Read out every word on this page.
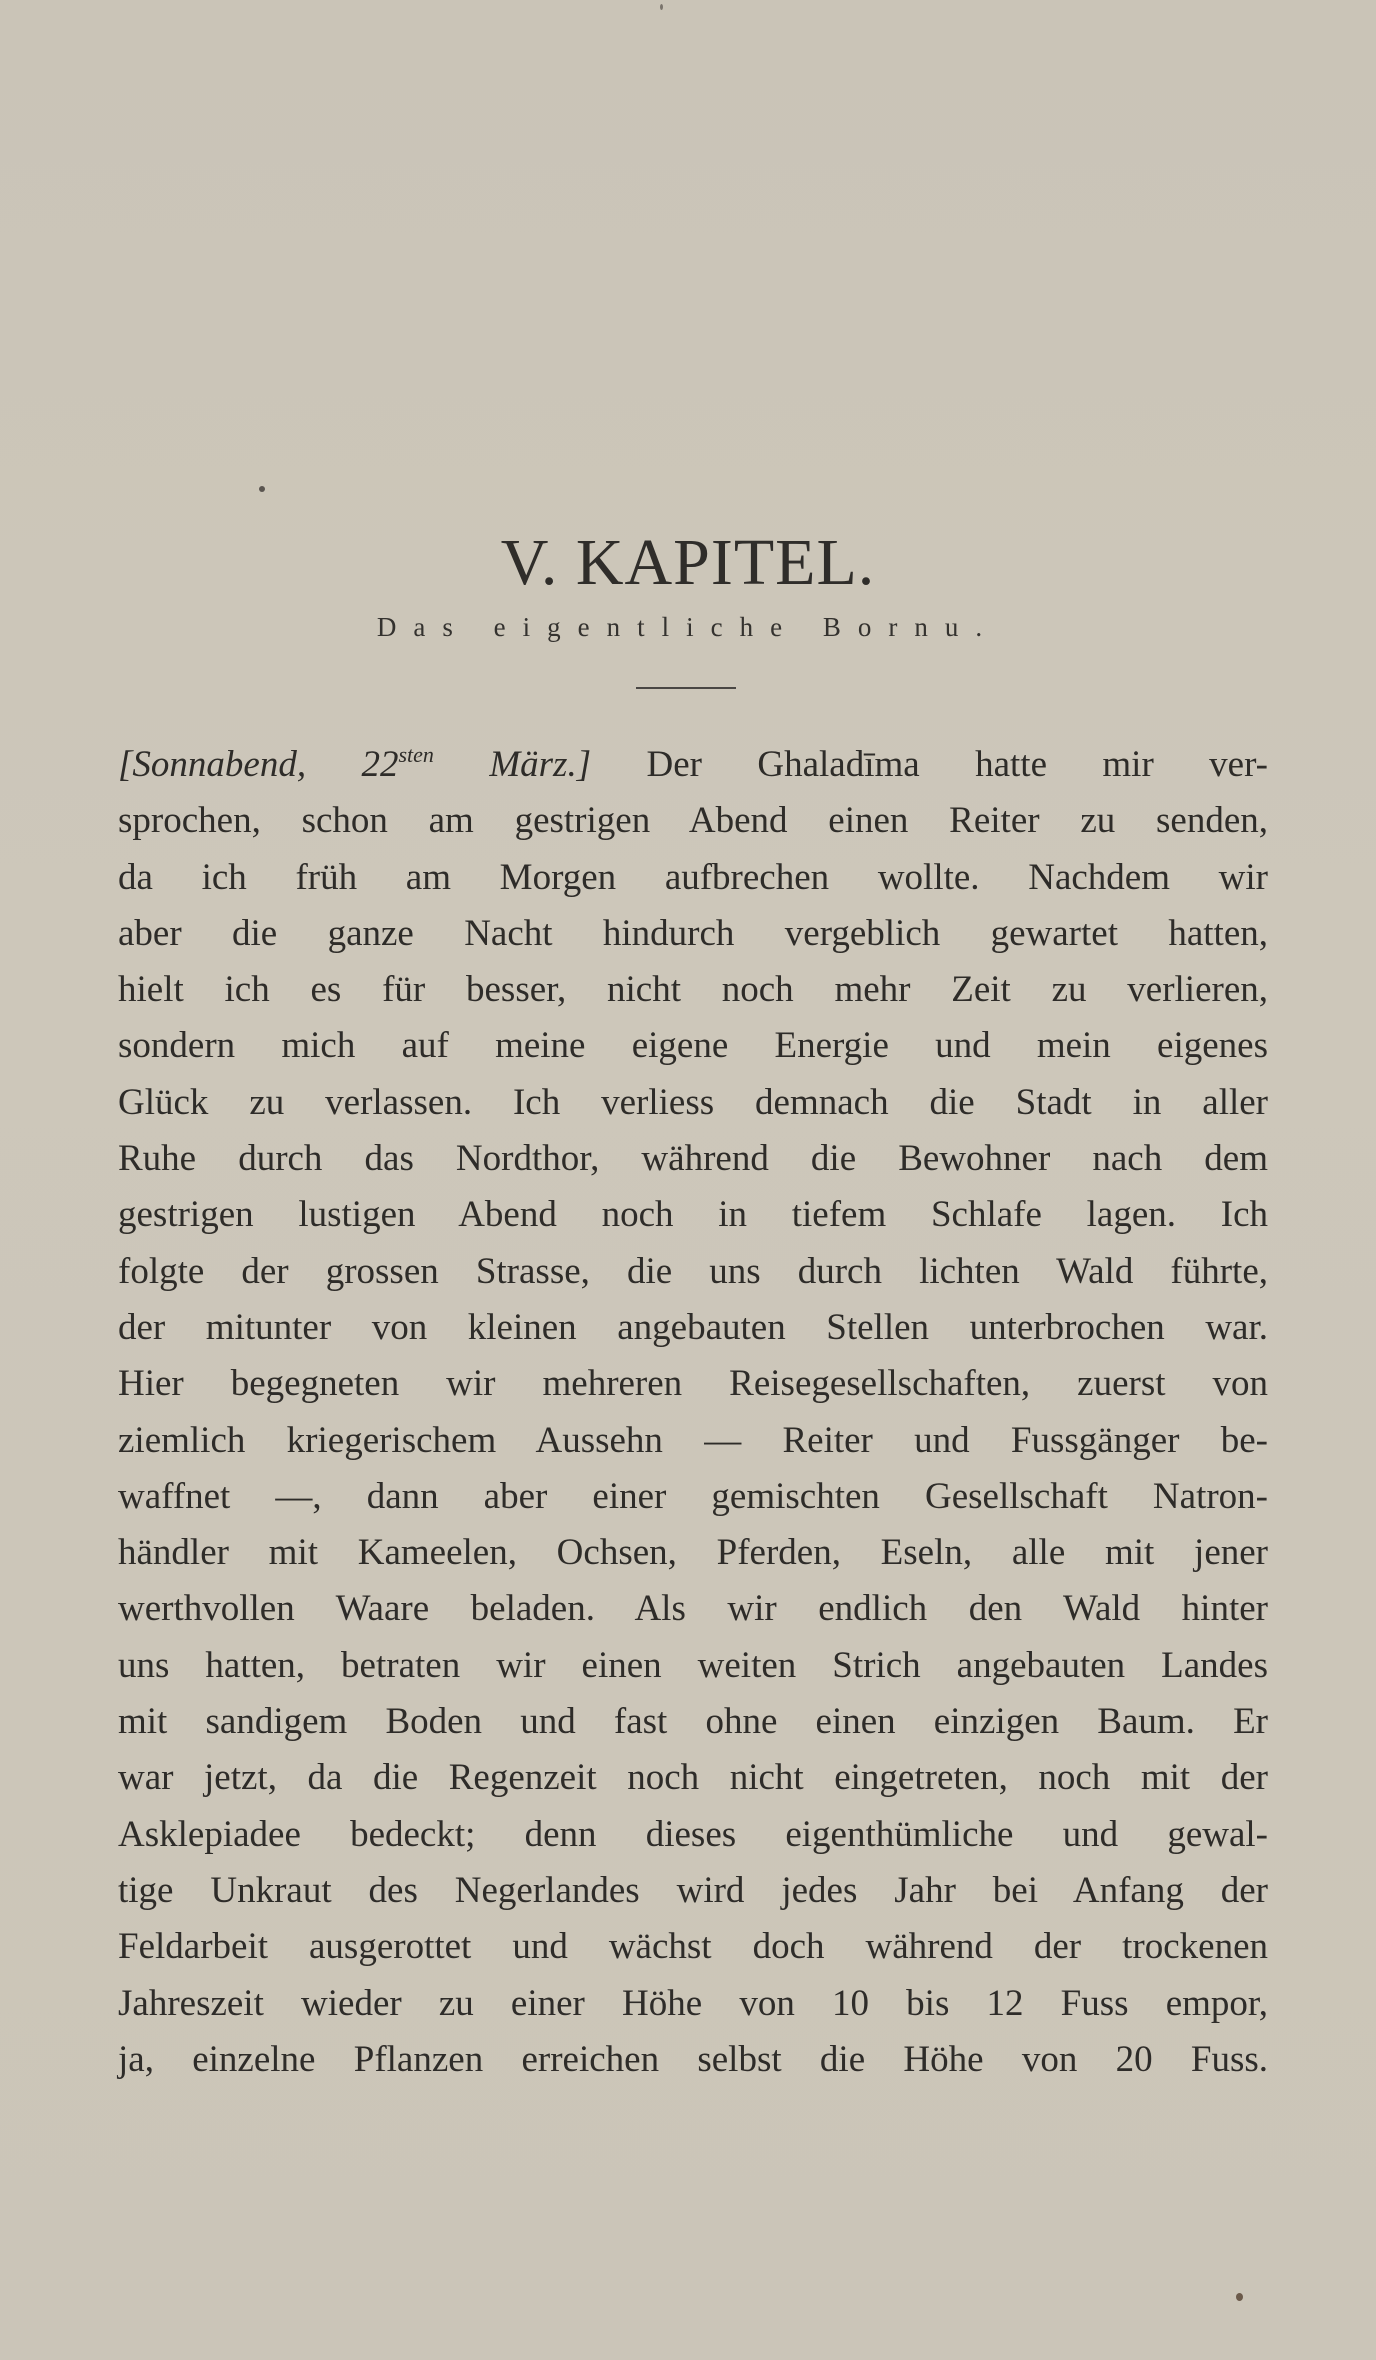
V. KAPITEL.
Das eigentliche Bornu.
[Sonnabend, $22^{sten}$ März.] Der Ghaladīma hatte mir ver-
sprochen, schon am gestrigen Abend einen Reiter zu senden,
da ich früh am Morgen aufbrechen wollte. Nachdem wir
aber die ganze Nacht hindurch vergeblich gewartet hatten,
hielt ich es für besser, nicht noch mehr Zeit zu verlieren,
sondern mich auf meine eigene Energie und mein eigenes
Glück zu verlassen. Ich verliess demnach die Stadt in aller
Ruhe durch das Nordthor, während die Bewohner nach dem
gestrigen lustigen Abend noch in tiefem Schlafe lagen. Ich
folgte der grossen Strasse, die uns durch lichten Wald führte,
der mitunter von kleinen angebauten Stellen unterbrochen war.
Hier begegneten wir mehreren Reisegesellschaften, zuerst von
ziemlich kriegerischem Aussehn — Reiter und Fussgänger be-
waffnet —, dann aber einer gemischten Gesellschaft Natron-
händler mit Kameelen, Ochsen, Pferden, Eseln, alle mit jener
werthvollen Waare beladen. Als wir endlich den Wald hinter
uns hatten, betraten wir einen weiten Strich angebauten Landes
mit sandigem Boden und fast ohne einen einzigen Baum. Er
war jetzt, da die Regenzeit noch nicht eingetreten, noch mit der
Asklepiadee bedeckt; denn dieses eigenthümliche und gewal-
tige Unkraut des Negerlandes wird jedes Jahr bei Anfang der
Feldarbeit ausgerottet und wächst doch während der trockenen
Jahreszeit wieder zu einer Höhe von 10 bis 12 Fuss empor,
ja, einzelne Pflanzen erreichen selbst die Höhe von 20 Fuss.
